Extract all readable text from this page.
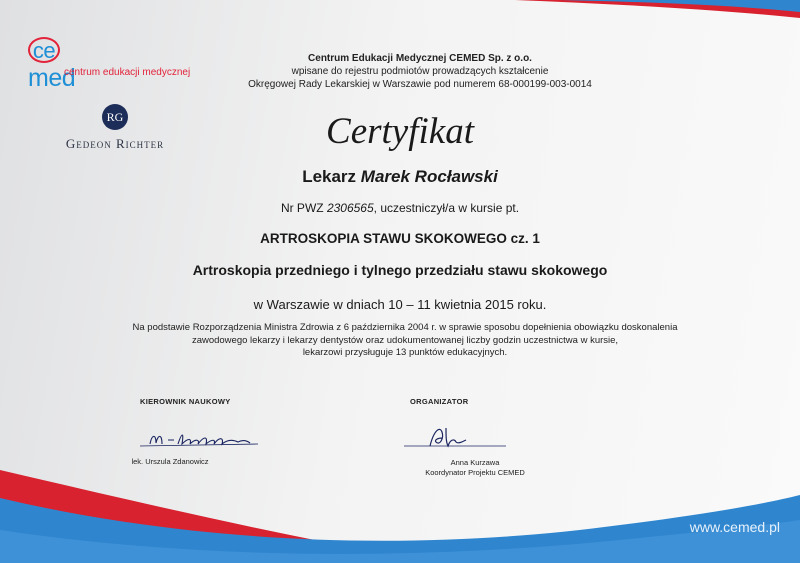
cemed
centrum edukacji medycznej
RG
Gedeon Richter
Centrum Edukacji Medycznej CEMED Sp. z o.o.
wpisane do rejestru podmiotów prowadzących kształcenie
Okręgowej Rady Lekarskiej w Warszawie pod numerem 68-000199-003-0014
Certyfikat
Lekarz Marek Rocławski
Nr PWZ 2306565, uczestniczył/a w kursie pt.
ARTROSKOPIA STAWU SKOKOWEGO cz. 1
Artroskopia przedniego i tylnego przedziału stawu skokowego
w Warszawie w dniach 10 – 11 kwietnia 2015 roku.
Na podstawie Rozporządzenia Ministra Zdrowia z 6 października 2004 r. w sprawie sposobu dopełnienia obowiązku doskonalenia
zawodowego lekarzy i lekarzy dentystów oraz udokumentowanej liczby godzin uczestnictwa w kursie,
lekarzowi przysługuje 13 punktów edukacyjnych.
KIEROWNIK NAUKOWY	ORGANIZATOR
lek. Urszula Zdanowicz	Anna Kurzawa
Koordynator Projektu CEMED
www.cemed.pl
